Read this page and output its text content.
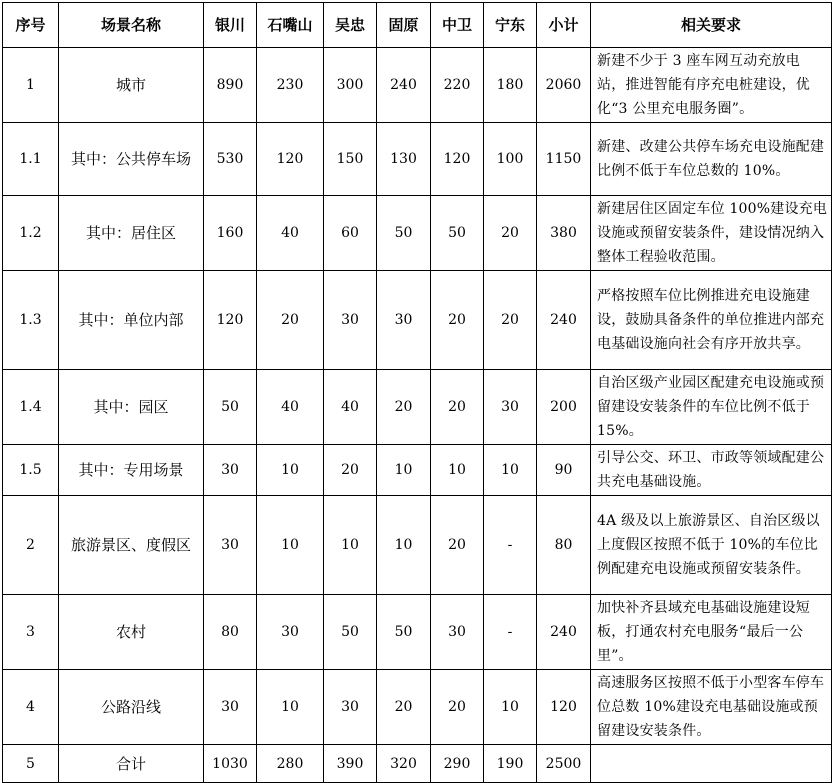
序号	场景名称	银川	石嘴山	吴忠	固原	中卫	宁东	小计	相关要求
1	城市	890	230	300	240	220	180	2060	新建不少于 3 座车网互动充放电站，推进智能有序充电桩建设，优化“3 公里充电服务圈”。
1.1	其中：公共停车场	530	120	150	130	120	100	1150	新建、改建公共停车场充电设施配建比例不低于车位总数的 10%。
1.2	其中：居住区	160	40	60	50	50	20	380	新建居住区固定车位 100%建设充电设施或预留安装条件，建设情况纳入整体工程验收范围。
1.3	其中：单位内部	120	20	30	30	20	20	240	严格按照车位比例推进充电设施建设，鼓励具备条件的单位推进内部充电基础设施向社会有序开放共享。
1.4	其中：园区	50	40	40	20	20	30	200	自治区级产业园区配建充电设施或预留建设安装条件的车位比例不低于 15%。
1.5	其中：专用场景	30	10	20	10	10	10	90	引导公交、环卫、市政等领域配建公共充电基础设施。
2	旅游景区、度假区	30	10	10	10	20	-	80	4A 级及以上旅游景区、自治区级以上度假区按照不低于 10%的车位比例配建充电设施或预留安装条件。
3	农村	80	30	50	50	30	-	240	加快补齐县域充电基础设施建设短板，打通农村充电服务“最后一公里”。
4	公路沿线	30	10	30	20	20	10	120	高速服务区按照不低于小型客车停车位总数 10%建设充电基础设施或预留建设安装条件。
5	合计	1030	280	390	320	290	190	2500	
